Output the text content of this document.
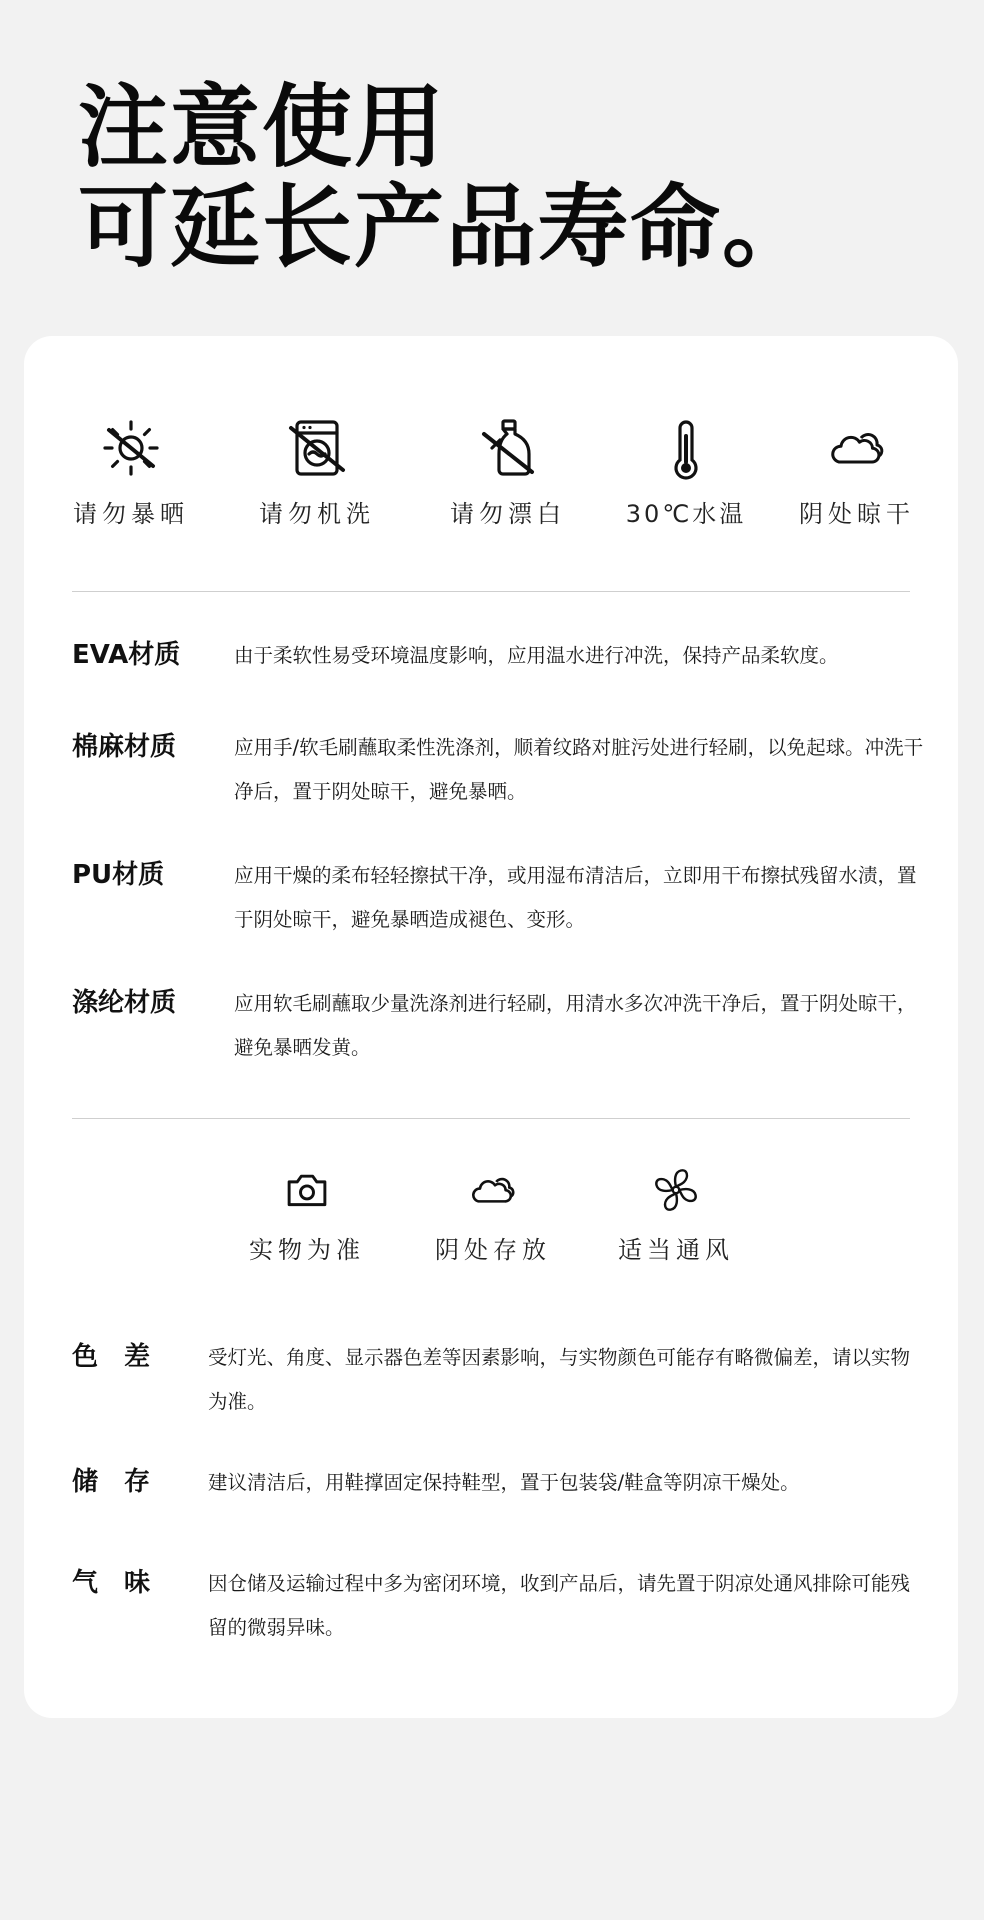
注意使用
可延长产品寿命。
请勿暴晒	请勿机洗	请勿漂白	30℃水温	阴处晾干
EVA材质	由于柔软性易受环境温度影响，应用温水进行冲洗，保持产品柔软度。
棉麻材质	应用手/软毛刷蘸取柔性洗涤剂，顺着纹路对脏污处进行轻刷，以免起球。冲洗干净后，置于阴处晾干，避免暴晒。
PU材质	应用干燥的柔布轻轻擦拭干净，或用湿布清洁后，立即用干布擦拭残留水渍，置于阴处晾干，避免暴晒造成褪色、变形。
涤纶材质	应用软毛刷蘸取少量洗涤剂进行轻刷，用清水多次冲洗干净后，置于阴处晾干，避免暴晒发黄。
实物为准	阴处存放	适当通风
色差 受灯光、角度、显示器色差等因素影响，与实物颜色可能存有略微偏差，请以实物为准。
储存 建议清洁后，用鞋撑固定保持鞋型，置于包装袋/鞋盒等阴凉干燥处。
气味 因仓储及运输过程中多为密闭环境，收到产品后，请先置于阴凉处通风排除可能残留的微弱异味。
